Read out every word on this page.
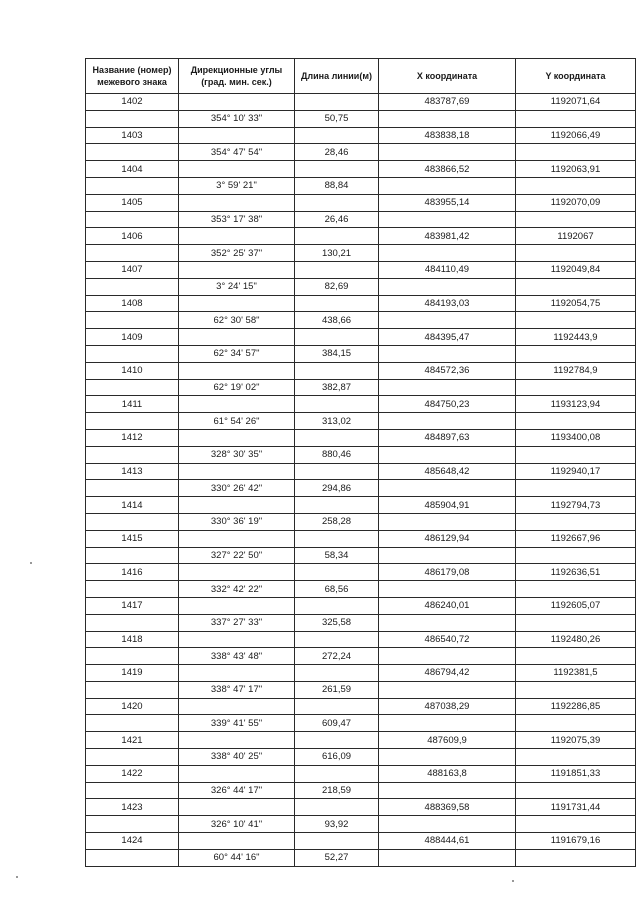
Название (номер) межевого знака	Дирекционные углы (град. мин. сек.)	Длина линии(м)	X координата	Y координата
1402			483787,69	1192071,64
	354° 10' 33"	50,75		
1403			483838,18	1192066,49
	354° 47' 54"	28,46		
1404			483866,52	1192063,91
	3° 59' 21"	88,84		
1405			483955,14	1192070,09
	353° 17' 38"	26,46		
1406			483981,42	1192067
	352° 25' 37"	130,21		
1407			484110,49	1192049,84
	3° 24' 15"	82,69		
1408			484193,03	1192054,75
	62° 30' 58"	438,66		
1409			484395,47	1192443,9
	62° 34' 57"	384,15		
1410			484572,36	1192784,9
	62° 19' 02"	382,87		
1411			484750,23	1193123,94
	61° 54' 26"	313,02		
1412			484897,63	1193400,08
	328° 30' 35"	880,46		
1413			485648,42	1192940,17
	330° 26' 42"	294,86		
1414			485904,91	1192794,73
	330° 36' 19"	258,28		
1415			486129,94	1192667,96
	327° 22' 50"	58,34		
1416			486179,08	1192636,51
	332° 42' 22"	68,56		
1417			486240,01	1192605,07
	337° 27' 33"	325,58		
1418			486540,72	1192480,26
	338° 43' 48"	272,24		
1419			486794,42	1192381,5
	338° 47' 17"	261,59		
1420			487038,29	1192286,85
	339° 41' 55"	609,47		
1421			487609,9	1192075,39
	338° 40' 25"	616,09		
1422			488163,8	1191851,33
	326° 44' 17"	218,59		
1423			488369,58	1191731,44
	326° 10' 41"	93,92		
1424			488444,61	1191679,16
	60° 44' 16"	52,27		
